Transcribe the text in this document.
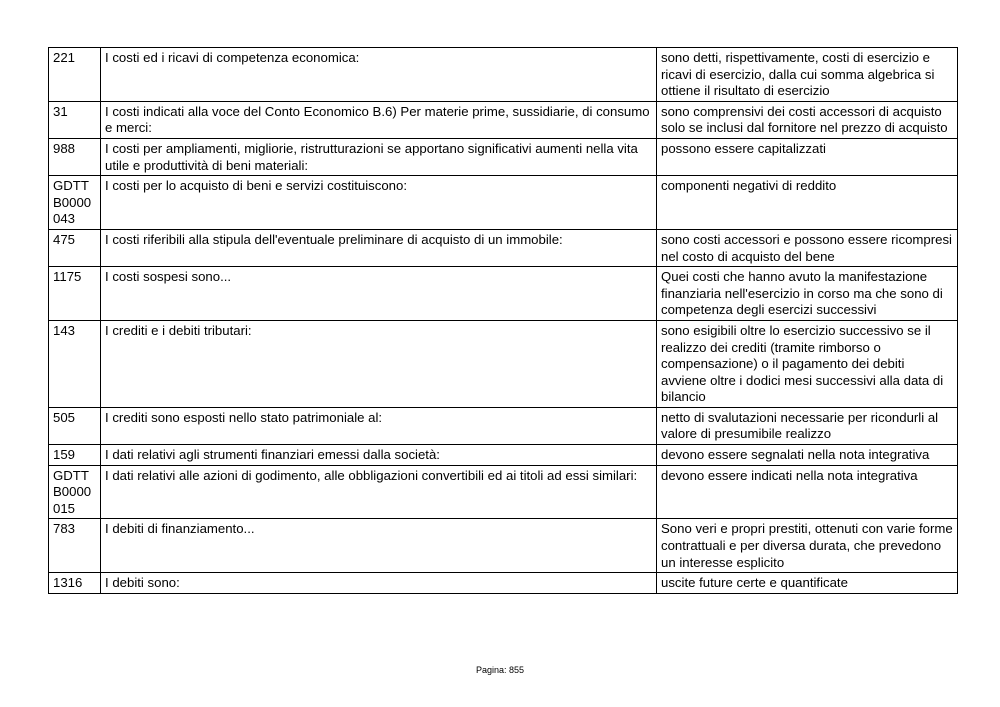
221	I costi ed i ricavi di competenza economica:	sono detti, rispettivamente, costi di esercizio e ricavi di esercizio, dalla cui somma algebrica si ottiene il risultato di esercizio
31	I costi indicati alla voce del Conto Economico B.6) Per materie prime, sussidiarie, di consumo e merci:	sono comprensivi dei costi accessori di acquisto solo se inclusi dal fornitore nel prezzo di acquisto
988	I costi per ampliamenti, migliorie, ristrutturazioni se apportano significativi aumenti nella vita utile e produttività di beni materiali:	possono essere capitalizzati
GDTTB0000043	I costi per lo acquisto di beni e servizi costituiscono:	componenti negativi di reddito
475	I costi riferibili alla stipula dell'eventuale preliminare di acquisto di un immobile:	sono costi accessori e possono essere ricompresi nel costo di acquisto del bene
1175	I costi sospesi sono...	Quei costi che hanno avuto la manifestazione finanziaria nell'esercizio in corso ma che sono di competenza degli esercizi successivi
143	I crediti e i debiti tributari:	sono esigibili oltre lo esercizio successivo se il realizzo dei crediti (tramite rimborso o compensazione) o il pagamento dei debiti avviene oltre i dodici mesi successivi alla data di bilancio
505	I crediti sono esposti nello stato patrimoniale al:	netto di svalutazioni necessarie per ricondurli al valore di presumibile realizzo
159	I dati relativi agli strumenti finanziari emessi dalla società:	devono essere segnalati nella nota integrativa
GDTTB0000015	I dati relativi alle azioni di godimento, alle obbligazioni convertibili ed ai titoli ad essi similari:	devono essere indicati nella nota integrativa
783	I debiti di finanziamento...	Sono veri e propri prestiti, ottenuti con varie forme contrattuali e per diversa durata, che prevedono un interesse esplicito
1316	I debiti sono:	uscite future certe e quantificate
Pagina: 855
